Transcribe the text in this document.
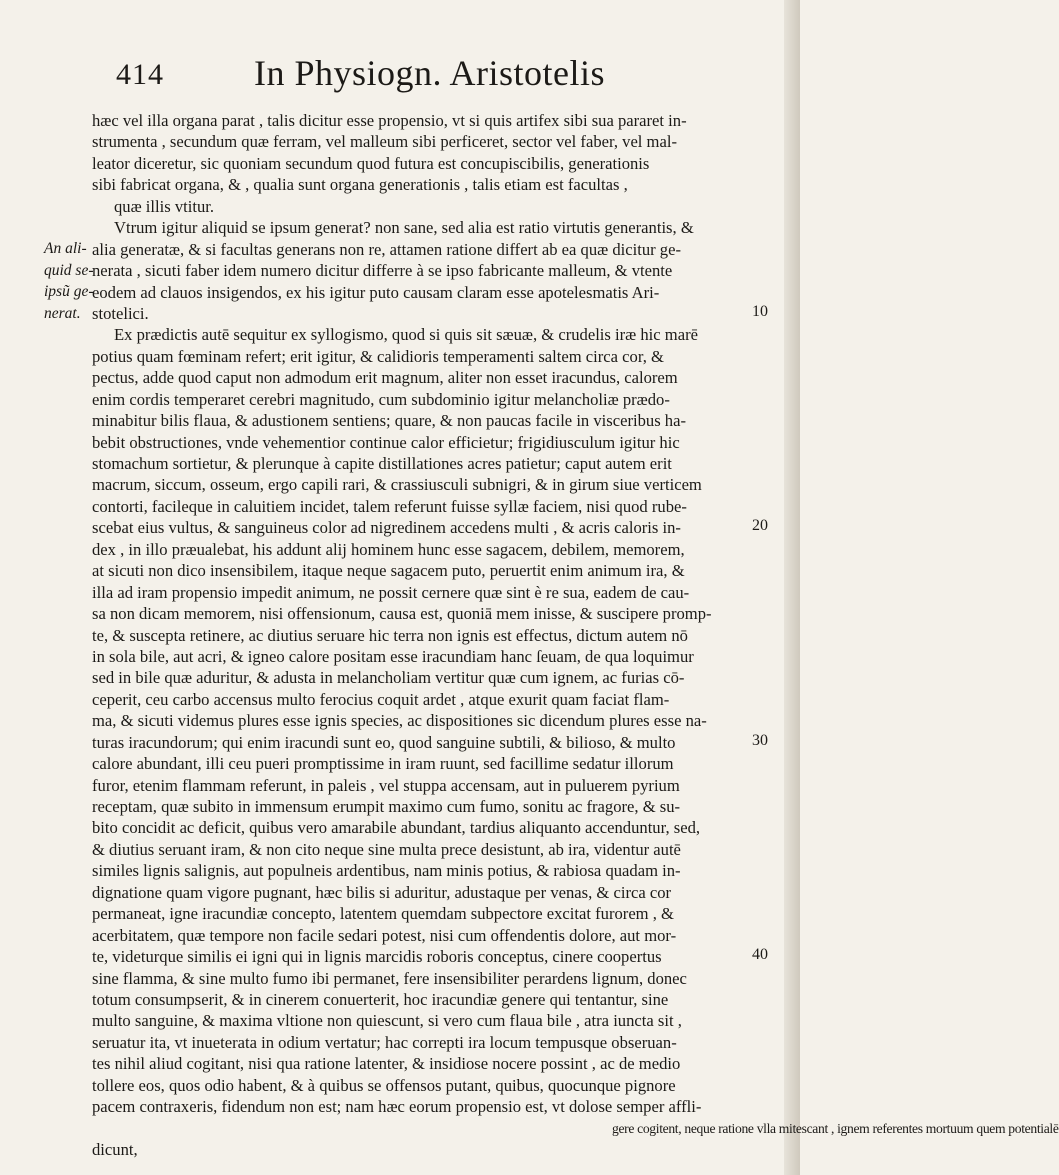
414	In Physiogn. Aristotelis
An ali-
quid se-
ipsũ ge-
nerat.	10
20
30
40
hæc vel illa organa parat , talis dicitur esse propensio, vt si quis artifex sibi sua pararet in-
strumenta , secundum quæ ferram, vel malleum sibi perficeret, sector vel faber, vel mal-
leator diceretur, sic quoniam secundum quod futura est concupiscibilis, generationis
sibi fabricat organa, & , qualia sunt organa generationis , talis etiam est facultas ,
quæ illis vtitur.
Vtrum igitur aliquid se ipsum generat? non sane, sed alia est ratio virtutis generantis, &
alia generatæ, & si facultas generans non re, attamen ratione differt ab ea quæ dicitur ge-
nerata , sicuti faber idem numero dicitur differre à se ipso fabricante malleum, & vtente
eodem ad clauos insigendos, ex his igitur puto causam claram esse apotelesmatis Ari-
stotelici.
Ex prædictis autē sequitur ex syllogismo, quod si quis sit sæuæ, & crudelis iræ hic marē
potius quam fœminam refert; erit igitur, & calidioris temperamenti saltem circa cor, &
pectus, adde quod caput non admodum erit magnum, aliter non esset iracundus, calorem
enim cordis temperaret cerebri magnitudo, cum subdominio igitur melancholiæ prædo-
minabitur bilis flaua, & adustionem sentiens; quare, & non paucas facile in visceribus ha-
bebit obstructiones, vnde vehementior continue calor efficietur; frigidiusculum igitur hic
stomachum sortietur, & plerunque à capite distillationes acres patietur; caput autem erit
macrum, siccum, osseum, ergo capili rari, & crassiusculi subnigri, & in girum siue verticem
contorti, facileque in caluitiem incidet, talem referunt fuisse syllæ faciem, nisi quod rube-
scebat eius vultus, & sanguineus color ad nigredinem accedens multi , & acris caloris in-
dex , in illo præualebat, his addunt alij hominem hunc esse sagacem, debilem, memorem,
at sicuti non dico insensibilem, itaque neque sagacem puto, peruertit enim animum ira, &
illa ad iram propensio impedit animum, ne possit cernere quæ sint è re sua, eadem de cau-
sa non dicam memorem, nisi offensionum, causa est, quoniā mem inisse, & suscipere promp-
te, & suscepta retinere, ac diutius seruare hic terra non ignis est effectus, dictum autem nō
in sola bile, aut acri, & igneo calore positam esse iracundiam hanc ſeuam, de qua loquimur
sed in bile quæ aduritur, & adusta in melancholiam vertitur quæ cum ignem, ac furias cō-
ceperit, ceu carbo accensus multo ferocius coquit ardet , atque exurit quam faciat flam-
ma, & sicuti videmus plures esse ignis species, ac dispositiones sic dicendum plures esse na-
turas iracundorum; qui enim iracundi sunt eo, quod sanguine subtili, & bilioso, & multo
calore abundant, illi ceu pueri promptissime in iram ruunt, sed facillime sedatur illorum
furor, etenim flammam referunt, in paleis , vel stuppa accensam, aut in puluerem pyrium
receptam, quæ subito in immensum erumpit maximo cum fumo, sonitu ac fragore, & su-
bito concidit ac deficit, quibus vero amarabile abundant, tardius aliquanto accenduntur, sed,
& diutius seruant iram, & non cito neque sine multa prece desistunt, ab ira, videntur autē
similes lignis salignis, aut populneis ardentibus, nam minis potius, & rabiosa quadam in-
dignatione quam vigore pugnant, hæc bilis si aduritur, adustaque per venas, & circa cor
permaneat, igne iracundiæ concepto, latentem quemdam subpectore excitat furorem , &
acerbitatem, quæ tempore non facile sedari potest, nisi cum offendentis dolore, aut mor-
te, videturque similis ei igni qui in lignis marcidis roboris conceptus, cinere coopertus
sine flamma, & sine multo fumo ibi permanet, fere insensibiliter perardens lignum, donec
totum consumpserit, & in cinerem conuerterit, hoc iracundiæ genere qui tentantur, sine
multo sanguine, & maxima vltione non quiescunt, si vero cum flaua bile , atra iuncta sit ,
seruatur ita, vt inueterata in odium vertatur; hac correpti ira locum tempusque obseruan-
tes nihil aliud cogitant, nisi qua ratione latenter, & insidiose nocere possint , ac de medio
tollere eos, quos odio habent, & à quibus se offensos putant, quibus, quocunque pignore
pacem contraxeris, fidendum non est; nam hæc eorum propensio est, vt dolose semper affli-
gere cogitent, neque ratione vlla mitescant , ignem referentes mortuum quem potentialē
dicunt,
